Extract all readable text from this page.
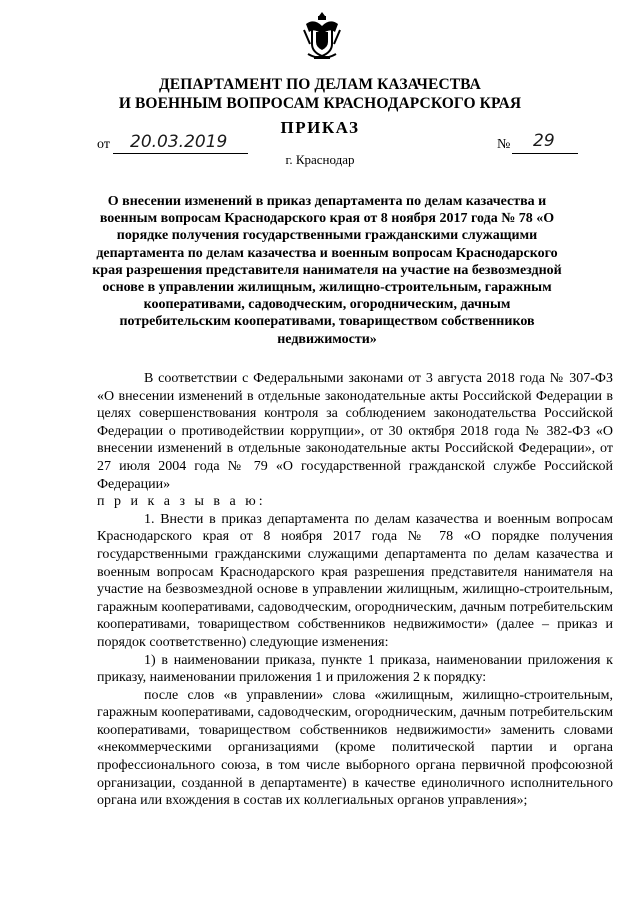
ДЕПАРТАМЕНТ ПО ДЕЛАМ КАЗАЧЕСТВА
И ВОЕННЫМ ВОПРОСАМ КРАСНОДАРСКОГО КРАЯ
ПРИКАЗ
от 20.03.2019	№ 29
г. Краснодар
О внесении изменений в приказ департамента по делам казачества и военным вопросам Краснодарского края от 8 ноября 2017 года № 78 «О порядке получения государственными гражданскими служащими департамента по делам казачества и военным вопросам Краснодарского края разрешения представителя нанимателя на участие на безвозмездной основе в управлении жилищным, жилищно-строительным, гаражным кооперативами, садоводческим, огородническим, дачным потребительским кооперативами, товариществом собственников недвижимости»

В соответствии с Федеральными законами от 3 августа 2018 года № 307-ФЗ «О внесении изменений в отдельные законодательные акты Российской Федерации в целях совершенствования контроля за соблюдением законодательства Российской Федерации о противодействии коррупции», от 30 октября 2018 года № 382-ФЗ «О внесении изменений в отдельные законодательные акты Российской Федерации», от 27 июля 2004 года № 79 «О государственной гражданской службе Российской Федерации»

п р и к а з ы в а ю:

1. Внести в приказ департамента по делам казачества и военным вопросам Краснодарского края от 8 ноября 2017 года № 78 «О порядке получения государственными гражданскими служащими департамента по делам казачества и военным вопросам Краснодарского края разрешения представителя нанимателя на участие на безвозмездной основе в управлении жилищным, жилищно-строительным, гаражным кооперативами, садоводческим, огородническим, дачным потребительским кооперативами, товариществом собственников недвижимости» (далее – приказ и порядок соответственно) следующие изменения:

1) в наименовании приказа, пункте 1 приказа, наименовании приложения к приказу, наименовании приложения 1 и приложения 2 к порядку:

после слов «в управлении» слова «жилищным, жилищно-строительным, гаражным кооперативами, садоводческим, огородническим, дачным потребительским кооперативами, товариществом собственников недвижимости» заменить словами «некоммерческими организациями (кроме политической партии и органа профессионального союза, в том числе выборного органа первичной профсоюзной организации, созданной в департаменте) в качестве единоличного исполнительного органа или вхождения в состав их коллегиальных органов управления»;
